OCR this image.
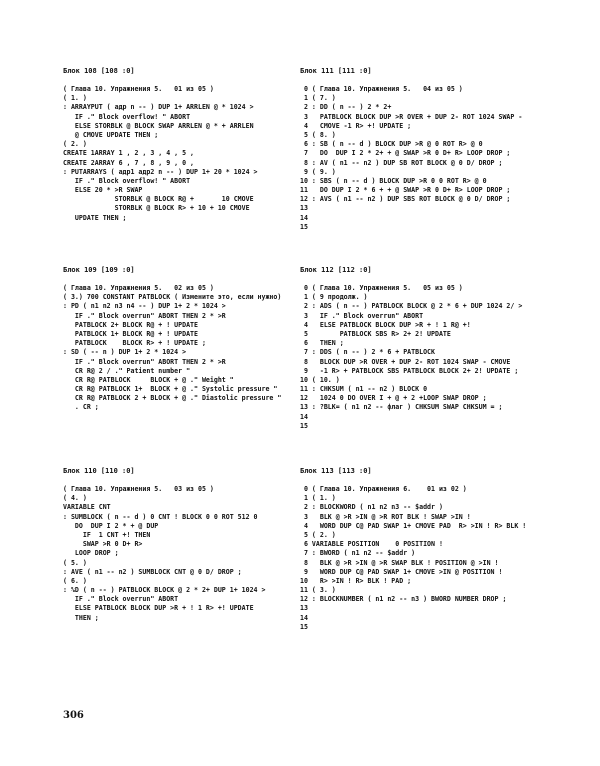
Блок 108 [108 :0]
( Глава 10. Упражнения 5.   01 из 05 )
( 1. )
: ARRAYPUT ( адр n -- ) DUP 1+ ARRLEN @ * 1024 >
IF ." Block overflow! " ABORT
ELSE STORBLK @ BLOCK SWAP ARRLEN @ * + ARRLEN
@ CMOVE UPDATE THEN ;
( 2. )
CREATE 1ARRAY 1 , 2 , 3 , 4 , 5 ,
CREATE 2ARRAY 6 , 7 , 8 , 9 , 0 ,
: PUTARRAYS ( адр1 адр2 n -- ) DUP 1+ 20 * 1024 >
IF ." Block overflow! " ABORT
ELSE 20 * >R SWAP
STORBLK @ BLOCK R@ +       10 CMOVE
STORBLK @ BLOCK R> + 10 + 10 CMOVE
UPDATE THEN ;
Блок 111 [111 :0]
0 ( Глава 10. Упражнения 5.   04 из 05 )
1 ( 7. )
2 : DD ( n -- ) 2 * 2+
3   PATBLOCK BLOCK DUP >R OVER + DUP 2- ROT 1024 SWAP -
4   CMOVE -1 R> +! UPDATE ;
5 ( 8. )
6 : SB ( n -- d ) BLOCK DUP >R @ 0 ROT R> @ 0
7   DO  DUP I 2 * 2+ + @ SWAP >R 0 D+ R> LOOP DROP ;
8 : AV ( n1 -- n2 ) DUP SB ROT BLOCK @ 0 D/ DROP ;
9 ( 9. )
10 : SBS ( n -- d ) BLOCK DUP >R 0 0 ROT R> @ 0
11   DO DUP I 2 * 6 + + @ SWAP >R 0 D+ R> LOOP DROP ;
12 : AVS ( n1 -- n2 ) DUP SBS ROT BLOCK @ 0 D/ DROP ;
13
14
15
Блок 109 [109 :0]
( Глава 10. Упражнения 5.   02 из 05 )
( 3.) 700 CONSTANT PATBLOCK ( Измените это, если нужно)
: PD ( n1 n2 n3 n4 -- ) DUP 1+ 2 * 1024 >
IF ." Block overrun" ABORT THEN 2 * >R
PATBLOCK 2+ BLOCK R@ + ! UPDATE
PATBLOCK 1+ BLOCK R@ + ! UPDATE
PATBLOCK    BLOCK R> + ! UPDATE ;
: SD ( -- n ) DUP 1+ 2 * 1024 >
IF ." Block overrun" ABORT THEN 2 * >R
CR R@ 2 / ." Patient number "
CR R@ PATBLOCK     BLOCK + @ ." Weight "
CR R@ PATBLOCK 1+  BLOCK + @ ." Systolic pressure "
CR R@ PATBLOCK 2 + BLOCK + @ ." Diastolic pressure "
. CR ;
Блок 112 [112 :0]
0 ( Глава 10. Упражнения 5.   05 из 05 )
1 ( 9 продолж. )
2 : ADS ( n -- ) PATBLOCK BLOCK @ 2 * 6 + DUP 1024 2/ >
3   IF ." Block overrun" ABORT
4   ELSE PATBLOCK BLOCK DUP >R + ! 1 R@ +!
5        PATBLOCK SBS R> 2+ 2! UPDATE
6   THEN ;
7 : DDS ( n -- ) 2 * 6 + PATBLOCK
8   BLOCK DUP >R OVER + DUP 2- ROT 1024 SWAP - CMOVE
9   -1 R> + PATBLOCK SBS PATBLOCK BLOCK 2+ 2! UPDATE ;
10 ( 10. )
11 : CHKSUM ( n1 -- n2 ) BLOCK 0
12   1024 0 DO OVER I + @ + 2 +LOOP SWAP DROP ;
13 : ?BLK= ( n1 n2 -- флаг ) CHKSUM SWAP CHKSUM = ;
14
15
Блок 110 [110 :0]
( Глава 10. Упражнения 5.   03 из 05 )
( 4. )
VARIABLE CNT
: SUMBLOCK ( n -- d ) 0 CNT ! BLOCK 0 0 ROT 512 0
DO  DUP I 2 * + @ DUP
IF  1 CNT +! THEN
SWAP >R 0 D+ R>
LOOP DROP ;
( 5. )
: AVE ( n1 -- n2 ) SUMBLOCK CNT @ 0 D/ DROP ;
( 6. )
: %D ( n -- ) PATBLOCK BLOCK @ 2 * 2+ DUP 1+ 1024 >
IF ." Block overrun" ABORT
ELSE PATBLOCK BLOCK DUP >R + ! 1 R> +! UPDATE
THEN ;
Блок 113 [113 :0]
0 ( Глава 10. Упражнения 6.    01 из 02 )
1 ( 1. )
2 : BLOCKWORD ( n1 n2 n3 -- $addr )
3   BLK @ >R >IN @ >R ROT BLK ! SWAP >IN !
4   WORD DUP C@ PAD SWAP 1+ CMOVE PAD  R> >IN ! R> BLK !
5 ( 2. )
6 VARIABLE POSITION    0 POSITION !
7 : BWORD ( n1 n2 -- $addr )
8   BLK @ >R >IN @ >R SWAP BLK ! POSITION @ >IN !
9   WORD DUP C@ PAD SWAP 1+ CMOVE >IN @ POSITION !
10   R> >IN ! R> BLK ! PAD ;
11 ( 3. )
12 : BLOCKNUMBER ( n1 n2 -- n3 ) BWORD NUMBER DROP ;
13
14
15
306
